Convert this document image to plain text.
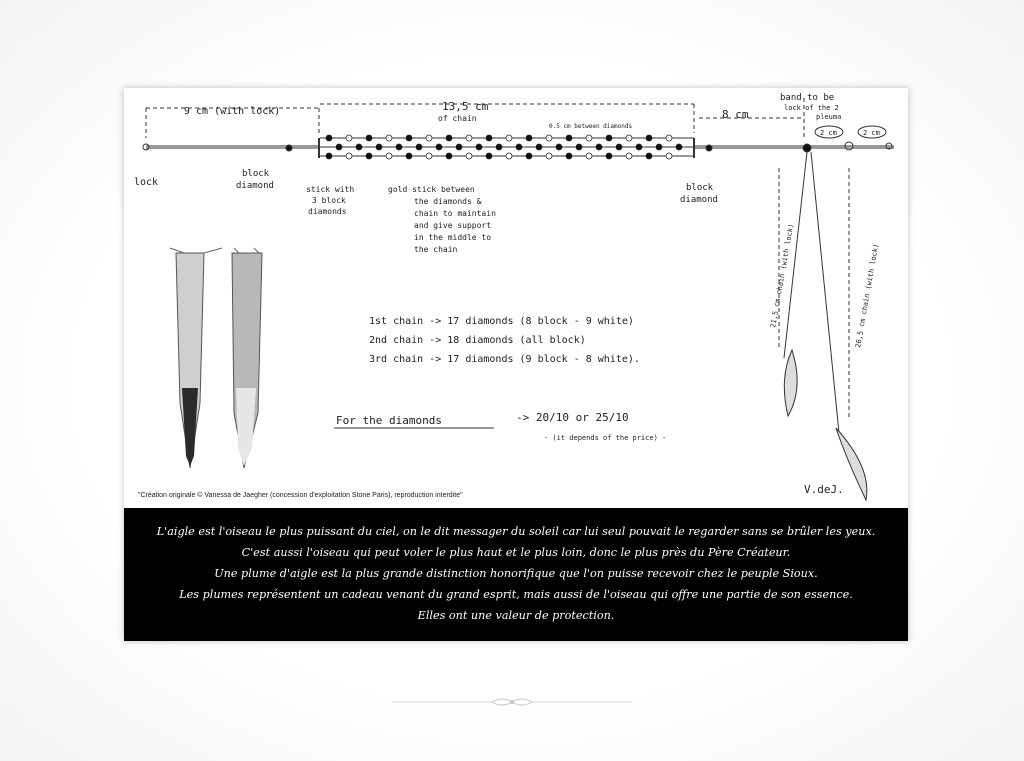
9 cm (with lock)	13,5 cm
of chain
0.5 cm between diamonds
8 cm
band to be
lock of the 2
pleuma
2 cm	2 cm
lock
block
diamond	stick with
3 block
diamonds
gold stick between
the diamonds &
chain to maintain
and give support
in the middle to
the chain
block
diamond
21,5 cm chain (with lock)	26,5 cm chain (with lock)
1st chain -> 17 diamonds (8 block - 9 white)
2nd chain -> 18 diamonds (all block)
3rd chain -> 17 diamonds (9 block - 8 white).
For the diamonds	-> 20/10 or 25/10
- (it depends of the price) -
"Création originale © Vanessa de Jaegher (concession d'exploitation Stone Paris), reproduction interdite"	V.deJ.

L'aigle est l'oiseau le plus puissant du ciel, on le dit messager du soleil car lui seul pouvait le regarder sans se brûler les yeux.

C'est aussi l'oiseau qui peut voler le plus haut et le plus loin, donc le plus près du Père Créateur.

Une plume d'aigle est la plus grande distinction honorifique que l'on puisse recevoir chez le peuple Sioux.

Les plumes représentent un cadeau venant du grand esprit, mais aussi de l'oiseau qui offre une partie de son essence.

Elles ont une valeur de protection.
